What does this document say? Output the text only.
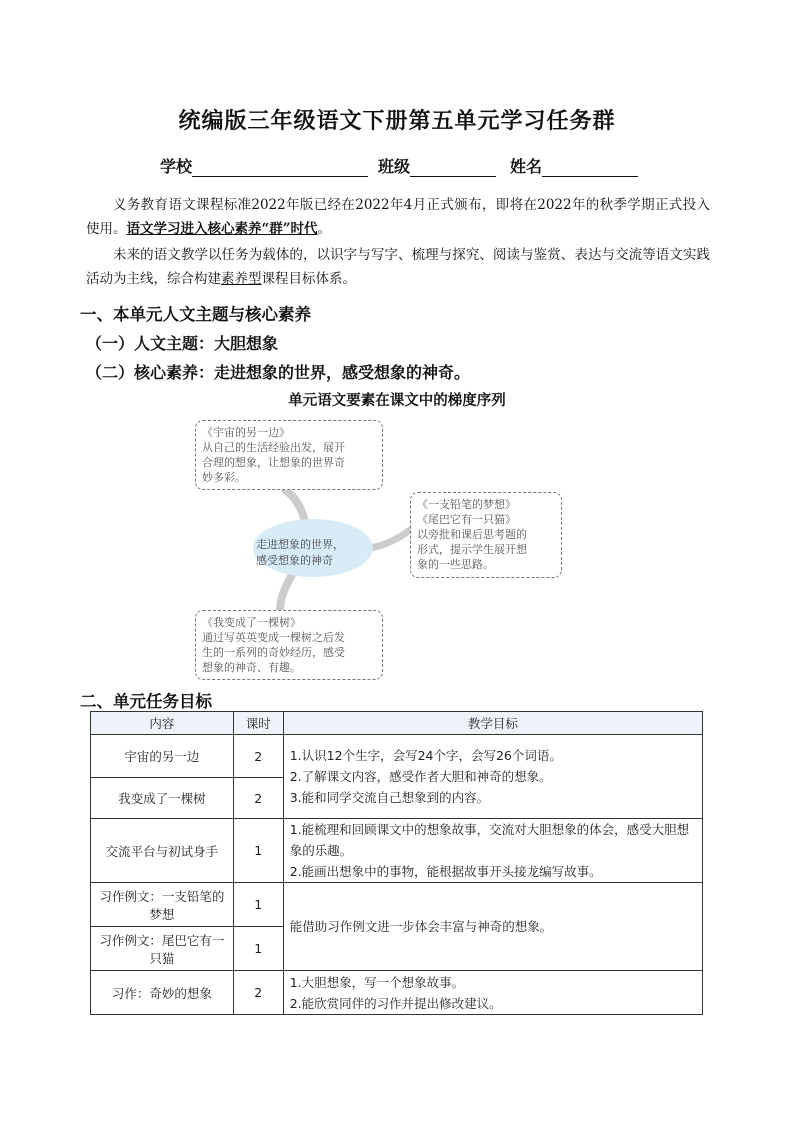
统编版三年级语文下册第五单元学习任务群
学校	班级	姓名
义务教育语文课程标准2022年版已经在2022年4月正式颁布，即将在2022年的秋季学期正式投入使用。语文学习进入核心素养“群”时代。
未来的语文教学以任务为载体的，以识字与写字、梳理与探究、阅读与鉴赏、表达与交流等语文实践活动为主线，综合构建素养型课程目标体系。
一、本单元人文主题与核心素养
（一）人文主题：大胆想象
（二）核心素养：走进想象的世界，感受想象的神奇。
单元语文要素在课文中的梯度序列
走进想象的世界，
感受想象的神奇
《宇宙的另一边》
从自己的生活经验出发，展开
合理的想象，让想象的世界奇
妙多彩。
《一支铅笔的梦想》
《尾巴它有一只猫》
以旁批和课后思考题的
形式，提示学生展开想
象的一些思路。
《我变成了一棵树》
通过写英英变成一棵树之后发
生的一系列的奇妙经历，感受
想象的神奇、有趣。
二、单元任务目标
内容	课时	教学目标
宇宙的另一边	2	1.认识12个生字，会写24个字，会写26个词语。
2.了解课文内容，感受作者大胆和神奇的想象。
3.能和同学交流自己想象到的内容。

我变成了一棵树	2	
交流平台与初试身手	1	1.能梳理和回顾课文中的想象故事，交流对大胆想象的体会，感受大胆想象的乐趣。
2.能画出想象中的事物，能根据故事开头接龙编写故事。

习作例文：一支铅笔的梦想	1	能借助习作例文进一步体会丰富与神奇的想象。
习作例文：尾巴它有一只猫	1	
习作：奇妙的想象	2	1.大胆想象，写一个想象故事。
2.能欣赏同伴的习作并提出修改建议。
